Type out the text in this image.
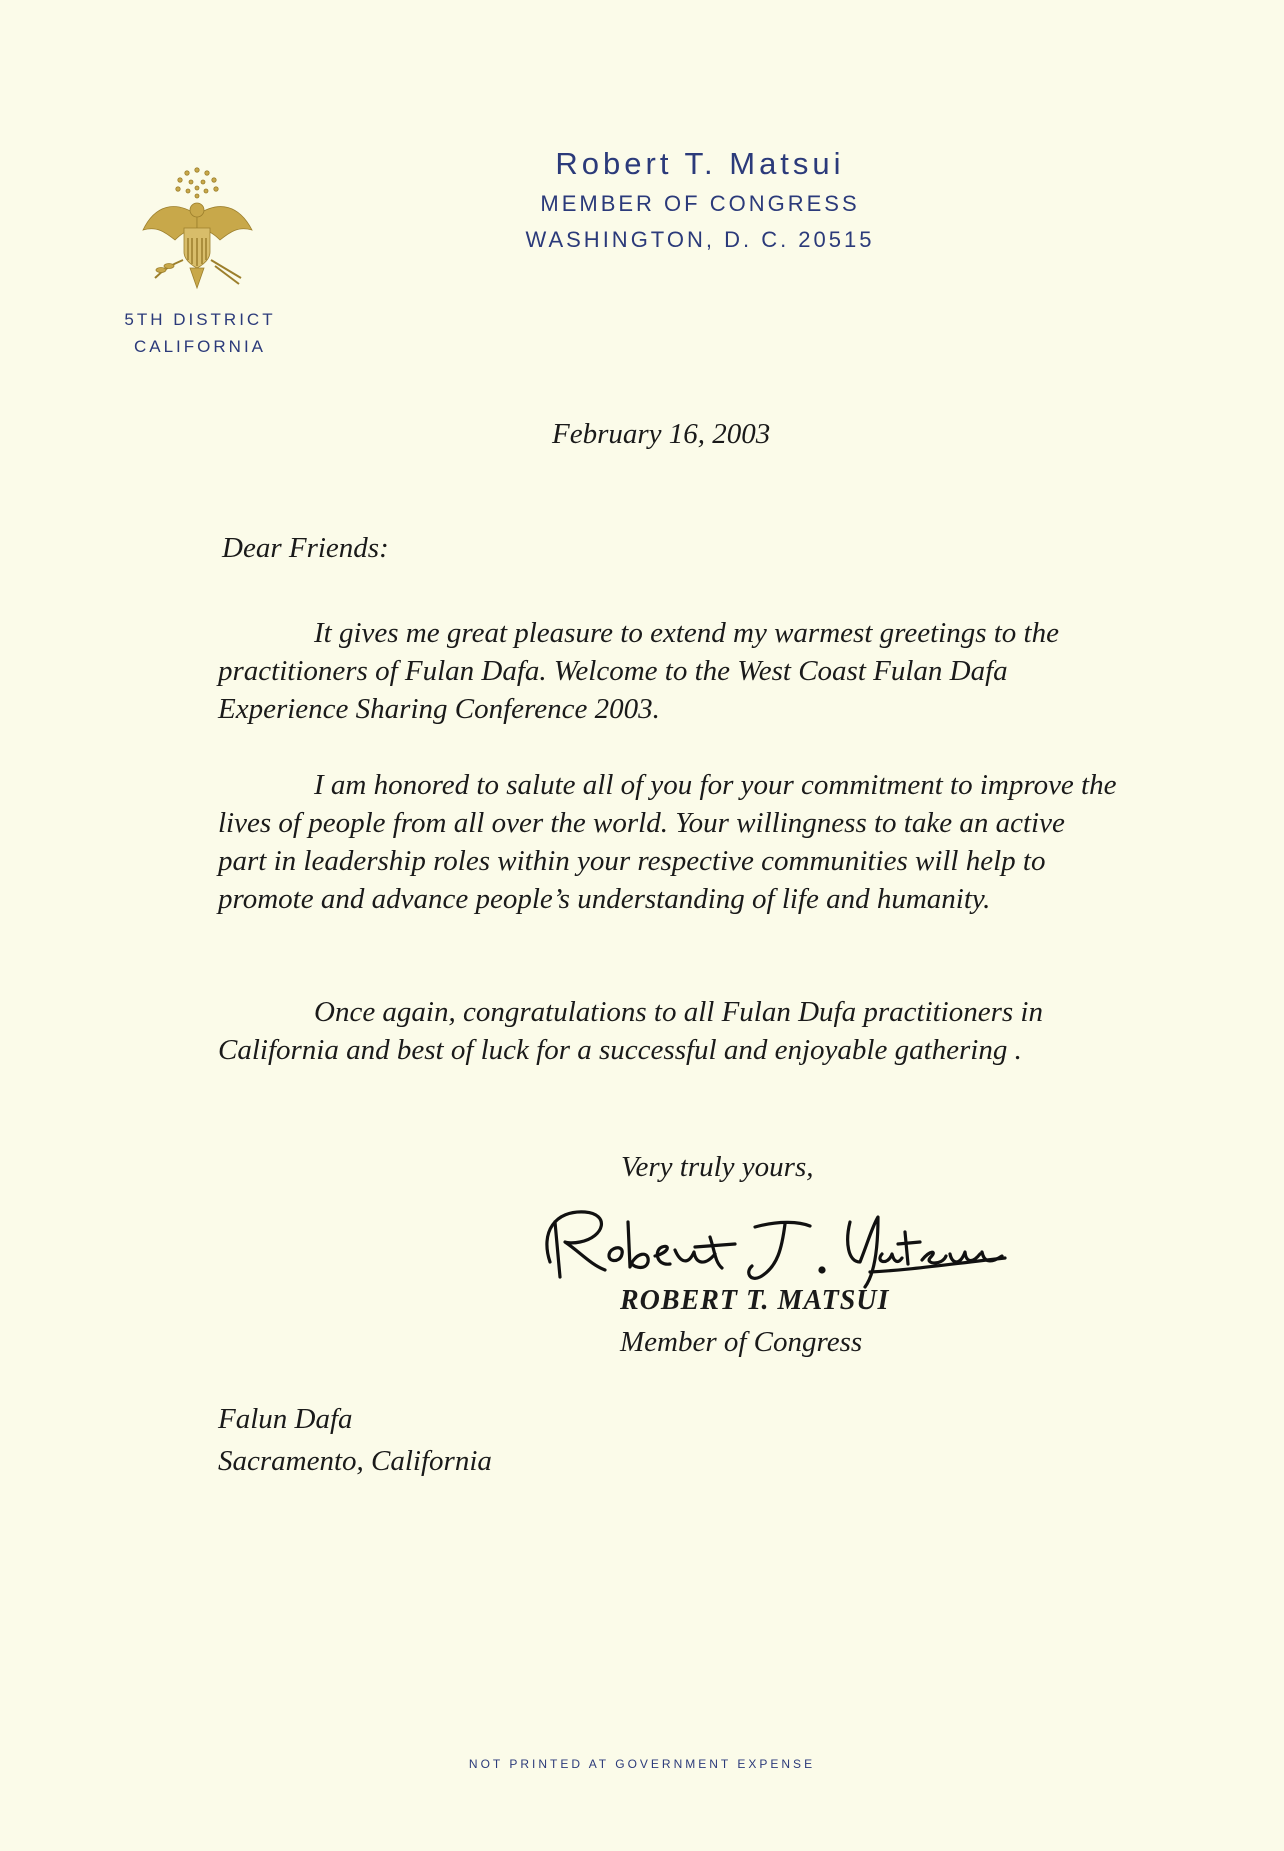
5TH DISTRICT
CALIFORNIA
Robert T. Matsui
MEMBER OF CONGRESS
WASHINGTON, D. C. 20515
February 16, 2003
Dear Friends:

It gives me great pleasure to extend my warmest greetings to the practitioners of Fulan Dafa. Welcome to the West Coast Fulan Dafa Experience Sharing Conference 2003.

I am honored to salute all of you for your commitment to improve the lives of people from all over the world. Your willingness to take an active part in leadership roles within your respective communities will help to promote and advance people’s understanding of life and humanity.

Once again, congratulations to all Fulan Dufa practitioners in California and best of luck for a successful and enjoyable gathering .

Very truly yours,
ROBERT T. MATSUI
Member of Congress
Falun Dafa
Sacramento, California
NOT PRINTED AT GOVERNMENT EXPENSE
